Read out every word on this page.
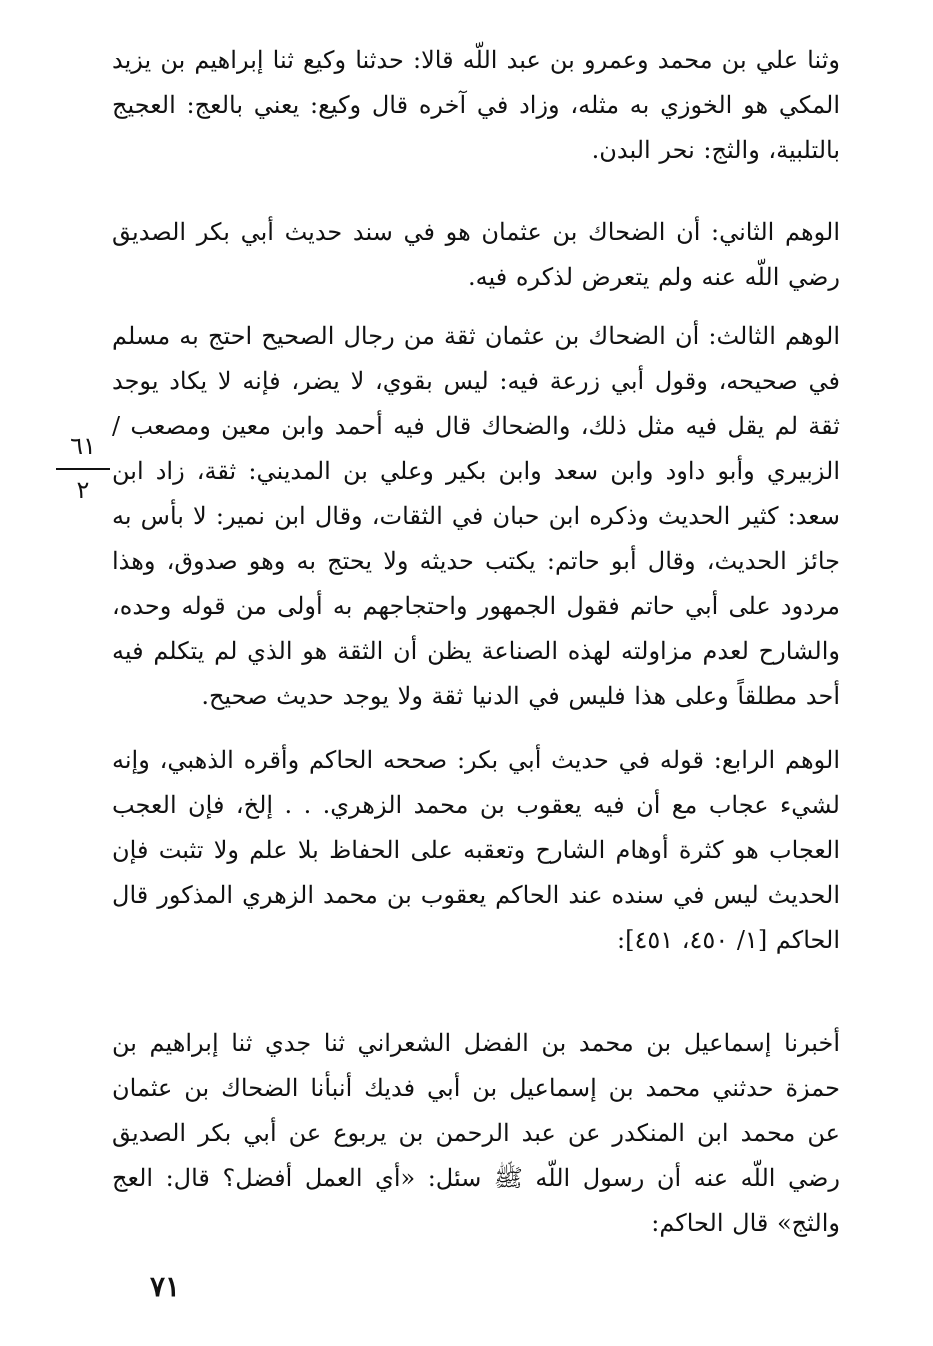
وثنا علي بن محمد وعمرو بن عبد اللّه قالا: حدثنا وكيع ثنا إبراهيم بن يزيد المكي هو الخوزي به مثله، وزاد في آخره قال وكيع: يعني بالعج: العجيج بالتلبية، والثج: نحر البدن.

الوهم الثاني: أن الضحاك بن عثمان هو في سند حديث أبي بكر الصديق رضي اللّه عنه ولم يتعرض لذكره فيه.

الوهم الثالث: أن الضحاك بن عثمان ثقة من رجال الصحيح احتج به مسلم في صحيحه، وقول أبي زرعة فيه: ليس بقوي، لا يضر، فإنه لا يكاد يوجد ثقة لم يقل فيه مثل ذلك، والضحاك قال فيه أحمد وابن معين ومصعب / الزبيري وأبو داود وابن سعد وابن بكير وعلي بن المديني: ثقة، زاد ابن سعد: كثير الحديث وذكره ابن حبان في الثقات، وقال ابن نمير: لا بأس به جائز الحديث، وقال أبو حاتم: يكتب حديثه ولا يحتج به وهو صدوق، وهذا مردود على أبي حاتم فقول الجمهور واحتجاجهم به أولى من قوله وحده، والشارح لعدم مزاولته لهذه الصناعة يظن أن الثقة هو الذي لم يتكلم فيه أحد مطلقاً وعلى هذا فليس في الدنيا ثقة ولا يوجد حديث صحيح.

الوهم الرابع: قوله في حديث أبي بكر: صححه الحاكم وأقره الذهبي، وإنه لشيء عجاب مع أن فيه يعقوب بن محمد الزهري. . . إلخ، فإن العجب العجاب هو كثرة أوهام الشارح وتعقبه على الحفاظ بلا علم ولا تثبت فإن الحديث ليس في سنده عند الحاكم يعقوب بن محمد الزهري المذكور قال الحاكم [١/ ٤٥٠، ٤٥١]:

أخبرنا إسماعيل بن محمد بن الفضل الشعراني ثنا جدي ثنا إبراهيم بن حمزة حدثني محمد بن إسماعيل بن أبي فديك أنبأنا الضحاك بن عثمان عن محمد ابن المنكدر عن عبد الرحمن بن يربوع عن أبي بكر الصديق رضي اللّه عنه أن رسول اللّه ﷺ سئل: «أي العمل أفضل؟ قال: العج والثج» قال الحاكم:

٦١
٢
٧١
